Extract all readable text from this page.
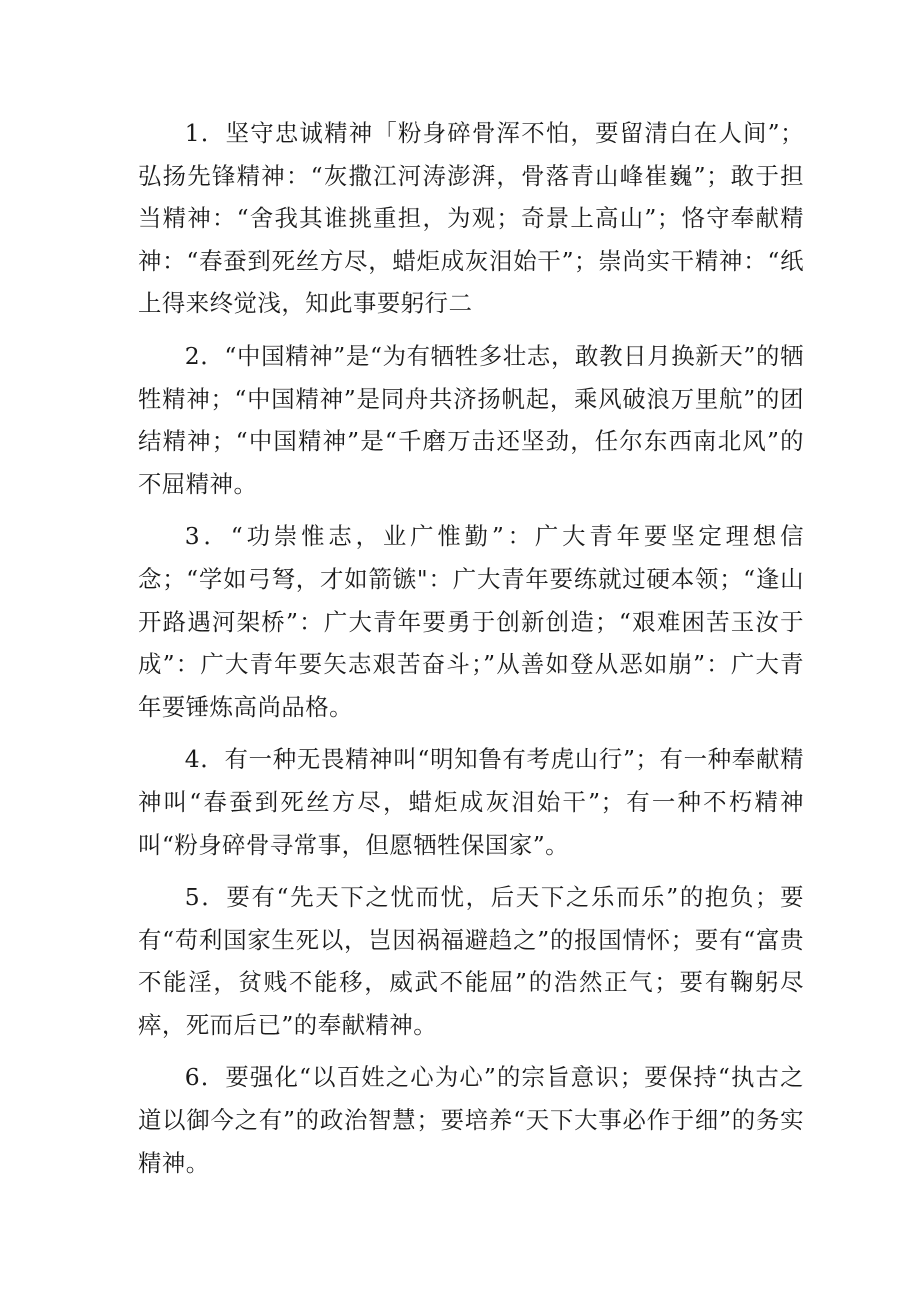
1．坚守忠诚精神「粉身碎骨浑不怕，要留清白在人间”；弘扬先锋精神：“灰撒江河涛澎湃，骨落青山峰崔巍”；敢于担当精神：“舍我其谁挑重担，为观；奇景上高山”；恪守奉献精神：“春蚕到死丝方尽，蜡炬成灰泪始干”；崇尚实干精神：“纸上得来终觉浅，知此事要躬行二

2．“中国精神”是“为有牺牲多壮志，敢教日月换新天”的牺牲精神；“中国精神”是同舟共济扬帆起，乘风破浪万里航”的团结精神；“中国精神”是“千磨万击还坚劲，任尔东西南北风”的不屈精神。

3．“功崇惟志，业广惟勤”：广大青年要坚定理想信念；“学如弓弩，才如箭镞"：广大青年要练就过硬本领；“逢山开路遇河架桥”：广大青年要勇于创新创造；“艰难困苦玉汝于成”：广大青年要矢志艰苦奋斗；”从善如登从恶如崩”：广大青年要锤炼高尚品格。

4．有一种无畏精神叫“明知鲁有考虎山行”；有一种奉献精神叫“春蚕到死丝方尽，蜡炬成灰泪始干”；有一种不朽精神叫“粉身碎骨寻常事，但愿牺牲保国家”。

5．要有“先天下之忧而忧，后天下之乐而乐”的抱负；要有“苟利国家生死以，岂因祸福避趋之”的报国情怀；要有“富贵不能淫，贫贱不能移，威武不能屈”的浩然正气；要有鞠躬尽瘁，死而后已”的奉献精神。

6．要强化“以百姓之心为心”的宗旨意识；要保持“执古之道以御今之有”的政治智慧；要培养“天下大事必作于细”的务实精神。
